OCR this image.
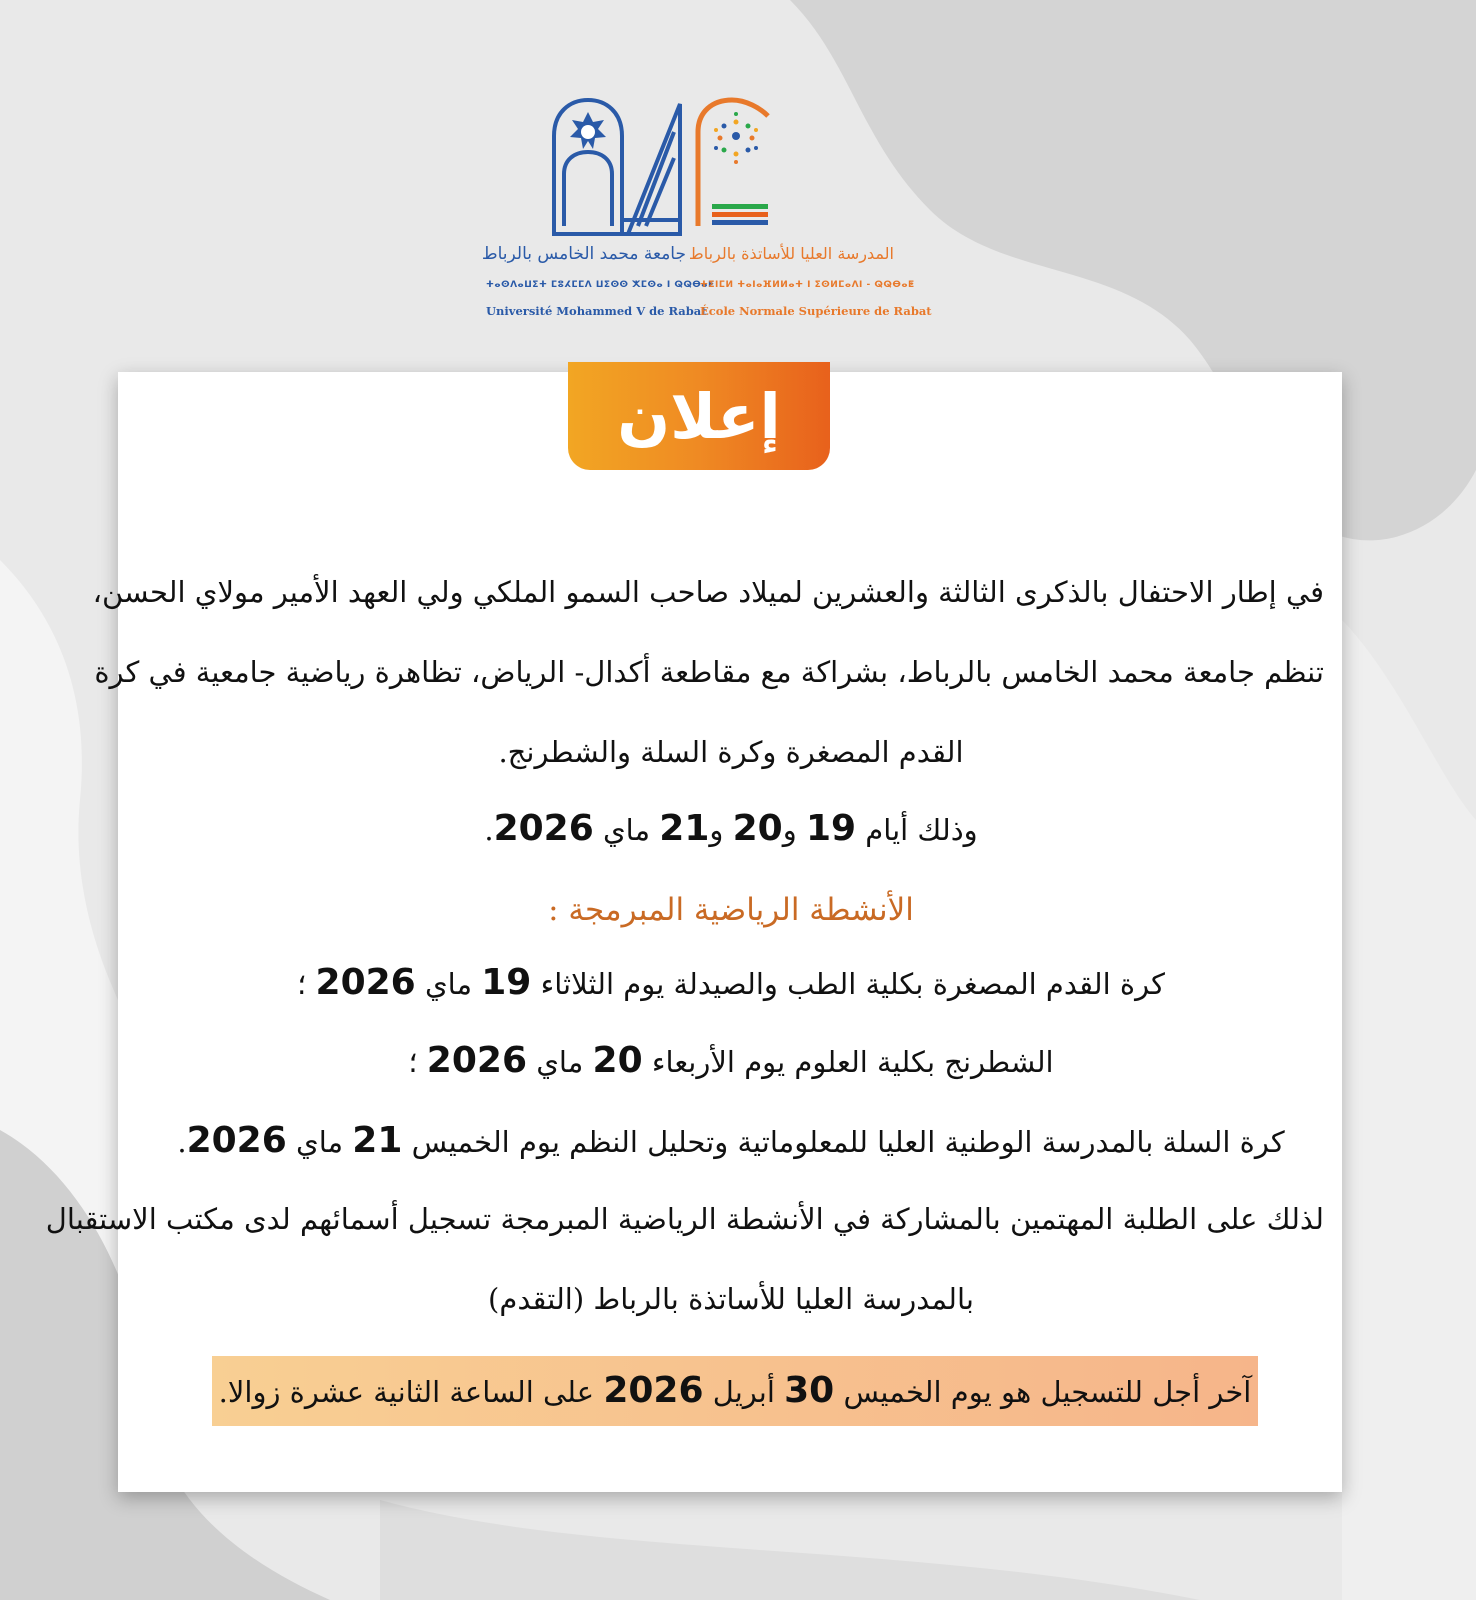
جامعة محمد الخامس بالرباط
ⵜⴰⵙⴷⴰⵡⵉⵜ ⵎⵓⵃⵎⵎⴷ ⵡⵉⵙⵙ ⵅⵎⵙⴰ ⵏ ⵕⵕⴱⴰⵟ
Université Mohammed V de Rabat
المدرسة العليا للأساتذة بالرباط
ⵜⵉⵏⵎⵍ ⵜⴰⵏⴰⴼⵍⵍⴰⵜ ⵏ ⵉⵙⵍⵎⴰⴷⵏ - ⵕⵕⴱⴰⵟ
École Normale Supérieure de Rabat
إعلان
في إطار الاحتفال بالذكرى الثالثة والعشرين لميلاد صاحب السمو الملكي ولي العهد الأمير مولاي الحسن،
تنظم جامعة محمد الخامس بالرباط، بشراكة مع مقاطعة أكدال- الرياض، تظاهرة رياضية جامعية في كرة
القدم المصغرة وكرة السلة والشطرنج.
وذلك أيام 19 و20 و21 ماي 2026.
الأنشطة الرياضية المبرمجة :
كرة القدم المصغرة بكلية الطب والصيدلة يوم الثلاثاء 19 ماي 2026 ؛
الشطرنج بكلية العلوم يوم الأربعاء 20 ماي 2026 ؛
كرة السلة بالمدرسة الوطنية العليا للمعلوماتية وتحليل النظم يوم الخميس 21 ماي 2026.
لذلك على الطلبة المهتمين بالمشاركة في الأنشطة الرياضية المبرمجة تسجيل أسمائهم لدى مكتب الاستقبال
بالمدرسة العليا للأساتذة بالرباط (التقدم)
آخر أجل للتسجيل هو يوم الخميس 30 أبريل 2026 على الساعة الثانية عشرة زوالا.
